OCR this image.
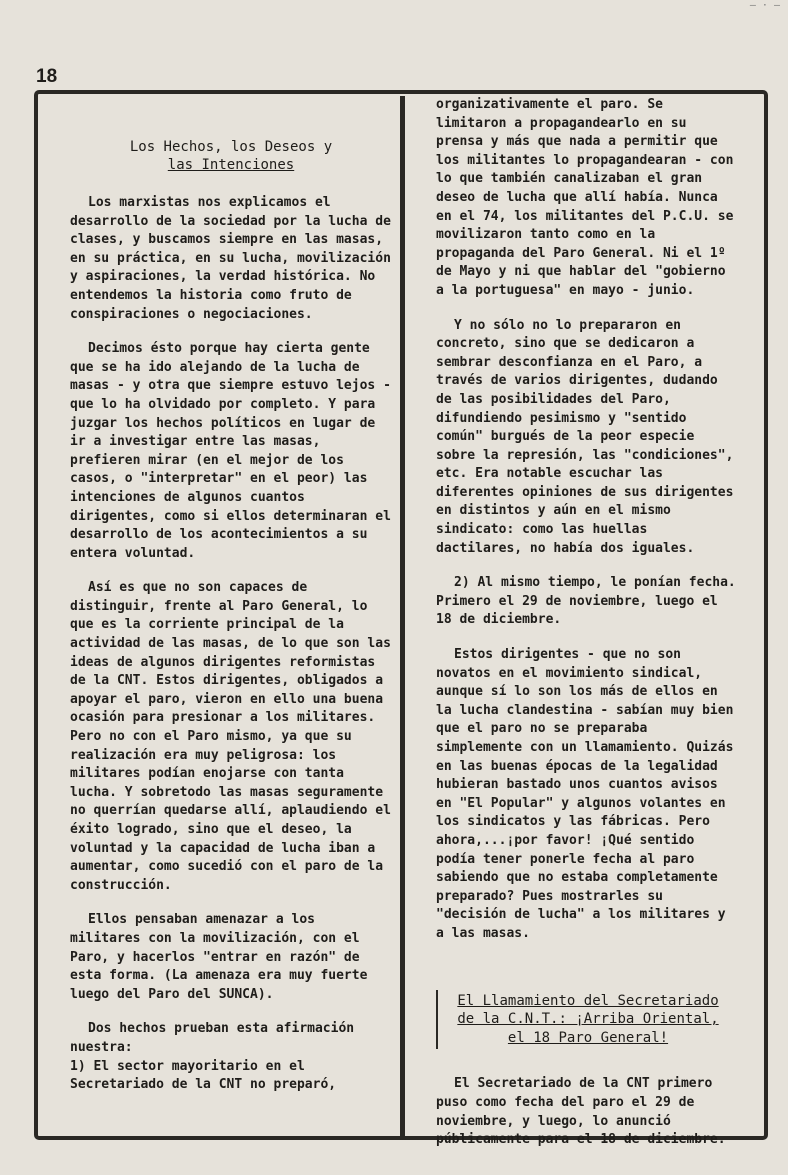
— · —
18
Los Hechos, los Deseos y
las Intenciones

Los marxistas nos explicamos el desarrollo de la sociedad por la lucha de clases, y buscamos siempre en las masas, en su práctica, en su lucha, movilización y aspiraciones, la verdad histórica. No entendemos la historia como fruto de conspiraciones o negociaciones.

Decimos ésto porque hay cierta gente que se ha ido alejando de la lucha de masas - y otra que siempre estuvo lejos - que lo ha olvidado por completo. Y para juzgar los hechos políticos en lugar de ir a investigar entre las masas, prefieren mirar (en el mejor de los casos, o "interpretar" en el peor) las intenciones de algunos cuantos dirigentes, como si ellos determinaran el desarrollo de los acontecimientos a su entera voluntad.

Así es que no son capaces de distinguir, frente al Paro General, lo que es la corriente principal de la actividad de las masas, de lo que son las ideas de algunos dirigentes reformistas de la CNT. Estos dirigentes, obligados a apoyar el paro, vieron en ello una buena ocasión para presionar a los militares. Pero no con el Paro mismo, ya que su realización era muy peligrosa: los militares podían enojarse con tanta lucha. Y sobretodo las masas seguramente no querrían quedarse allí, aplaudiendo el éxito logrado, sino que el deseo, la voluntad y la capacidad de lucha iban a aumentar, como sucedió con el paro de la construcción.

Ellos pensaban amenazar a los militares con la movilización, con el Paro, y hacerlos "entrar en razón" de esta forma. (La amenaza era muy fuerte luego del Paro del SUNCA).

Dos hechos prueban esta afirmación nuestra:
1) El sector mayoritario en el Secretariado de la CNT no preparó,

organizativamente el paro. Se limitaron a propagandearlo en su prensa y más que nada a permitir que los militantes lo propagandearan - con lo que también canalizaban el gran deseo de lucha que allí había. Nunca en el 74, los militantes del P.C.U. se movilizaron tanto como en la propaganda del Paro General. Ni el 1º de Mayo y ni que hablar del "gobierno a la portuguesa" en mayo - junio.

Y no sólo no lo prepararon en concreto, sino que se dedicaron a sembrar desconfianza en el Paro, a través de varios dirigentes, dudando de las posibilidades del Paro, difundiendo pesimismo y "sentido común" burgués de la peor especie sobre la represión, las "condiciones", etc. Era notable escuchar las diferentes opiniones de sus dirigentes en distintos y aún en el mismo sindicato: como las huellas dactilares, no había dos iguales.

2) Al mismo tiempo, le ponían fecha. Primero el 29 de noviembre, luego el 18 de diciembre.

Estos dirigentes - que no son novatos en el movimiento sindical, aunque sí lo son los más de ellos en la lucha clandestina - sabían muy bien que el paro no se preparaba simplemente con un llamamiento. Quizás en las buenas épocas de la legalidad hubieran bastado unos cuantos avisos en "El Popular" y algunos volantes en los sindicatos y las fábricas. Pero ahora,...¡por favor! ¡Qué sentido podía tener ponerle fecha al paro sabiendo que no estaba completamente preparado? Pues mostrarles su "decisión de lucha" a los militares y a las masas.

El Llamamiento del Secretariado
de la C.N.T.: ¡Arriba Oriental,
el 18 Paro General!

El Secretariado de la CNT primero puso como fecha del paro el 29 de noviembre, y luego, lo anunció públicamente para el 18 de diciembre.
